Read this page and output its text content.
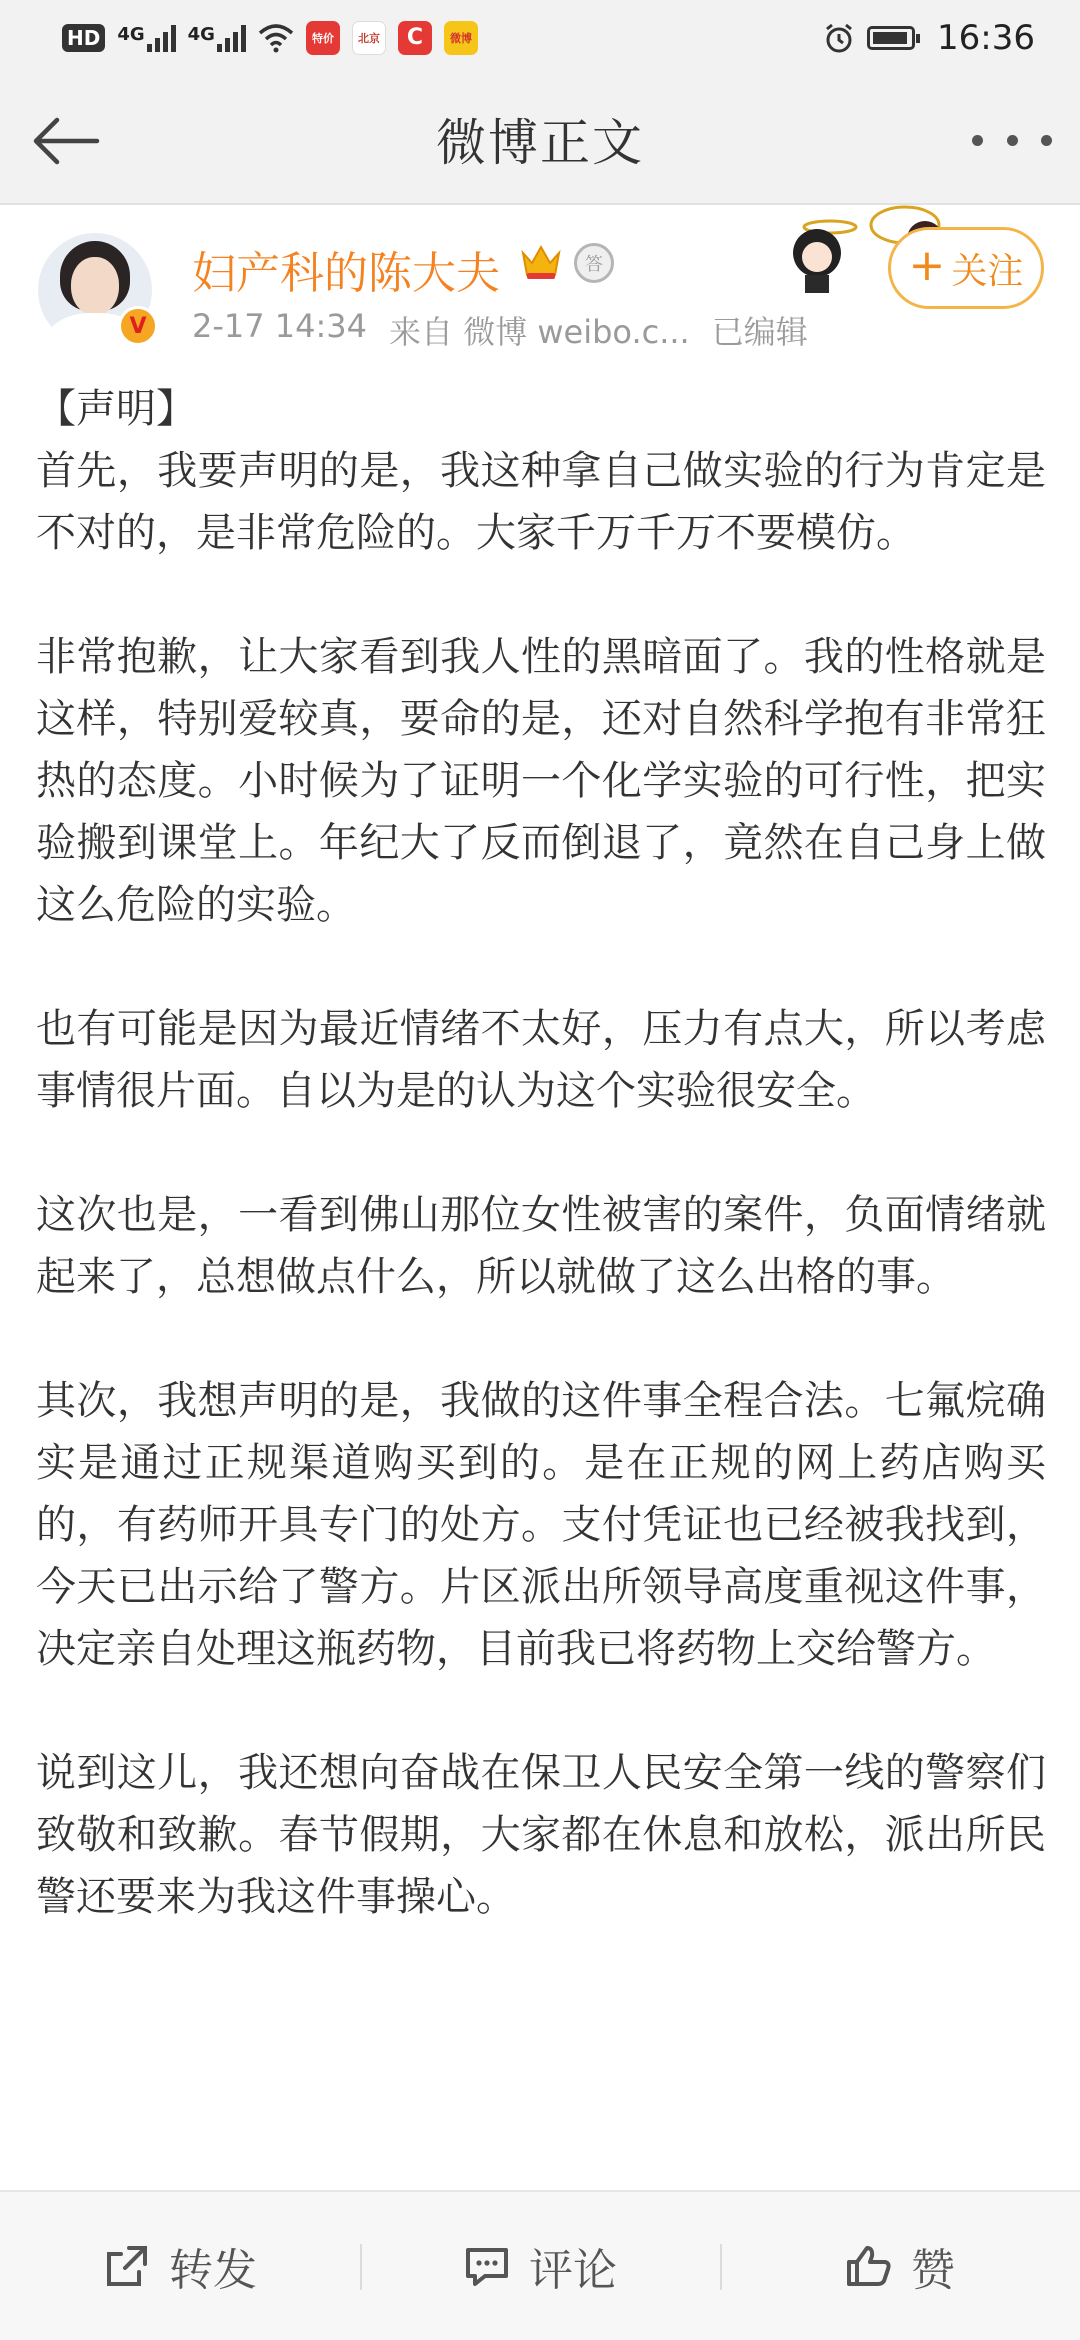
HD 4G 4G	特价	北京	C	微博	16:36
微博正文
妇产科的陈大夫	答
2-17 14:34 来自 微博 weibo.c... 已编辑
+ 关注
V

【声明】

首先，我要声明的是，我这种拿自己做实验的行为肯定是不对的，是非常危险的。大家千万千万不要模仿。

非常抱歉，让大家看到我人性的黑暗面了。我的性格就是这样，特别爱较真，要命的是，还对自然科学抱有非常狂热的态度。小时候为了证明一个化学实验的可行性，把实验搬到课堂上。年纪大了反而倒退了，竟然在自己身上做这么危险的实验。

也有可能是因为最近情绪不太好，压力有点大，所以考虑事情很片面。自以为是的认为这个实验很安全。

这次也是，一看到佛山那位女性被害的案件，负面情绪就起来了，总想做点什么，所以就做了这么出格的事。

其次，我想声明的是，我做的这件事全程合法。七氟烷确实是通过正规渠道购买到的。是在正规的网上药店购买的，有药师开具专门的处方。支付凭证也已经被我找到，今天已出示给了警方。片区派出所领导高度重视这件事，决定亲自处理这瓶药物，目前我已将药物上交给警方。

说到这儿，我还想向奋战在保卫人民安全第一线的警察们致敬和致歉。春节假期，大家都在休息和放松，派出所民警还要来为我这件事操心。

转发	评论	赞
